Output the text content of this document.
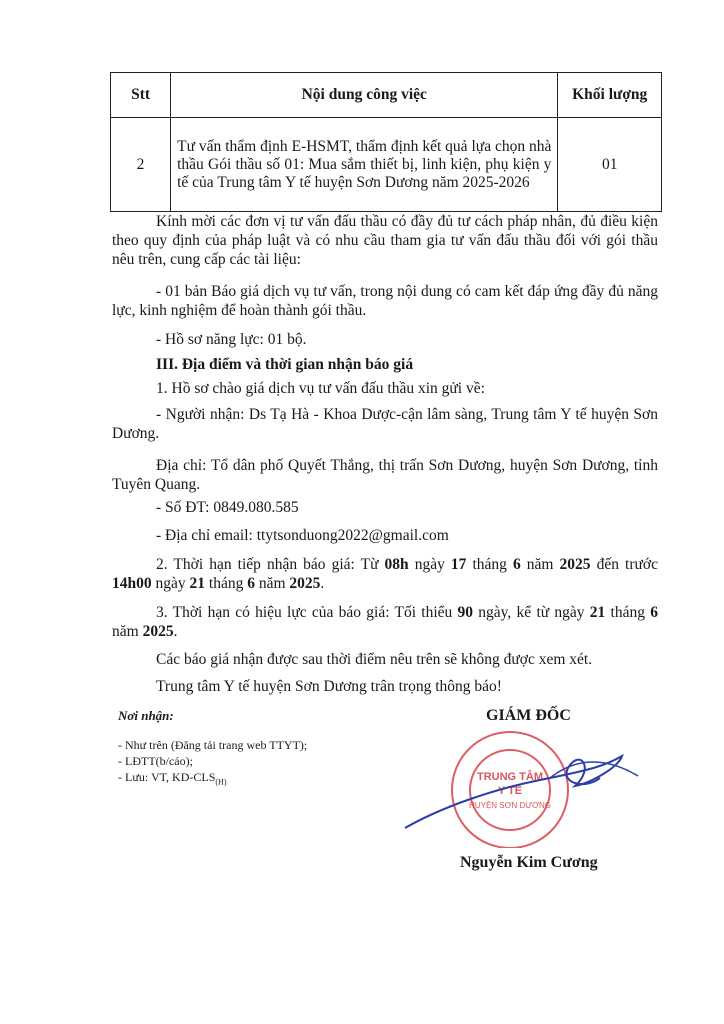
Stt	Nội dung công việc	Khối lượng
2	Tư vấn thẩm định E-HSMT, thẩm định kết quả lựa chọn nhà thầu Gói thầu số 01: Mua sắm thiết bị, linh kiện, phụ kiện y tế của Trung tâm Y tế huyện Sơn Dương năm 2025-2026	01
Kính mời các đơn vị tư vấn đấu thầu có đầy đủ tư cách pháp nhân, đủ điều kiện theo quy định của pháp luật và có nhu cầu tham gia tư vấn đấu thầu đối với gói thầu nêu trên, cung cấp các tài liệu:
- 01 bản Báo giá dịch vụ tư vấn, trong nội dung có cam kết đáp ứng đầy đủ năng lực, kinh nghiệm để hoàn thành gói thầu.
- Hồ sơ năng lực: 01 bộ.
III. Địa điểm và thời gian nhận báo giá
1. Hồ sơ chào giá dịch vụ tư vấn đấu thầu xin gửi về:
- Người nhận: Ds Tạ Hà - Khoa Dược-cận lâm sàng, Trung tâm Y tế huyện Sơn Dương.
Địa chỉ: Tổ dân phố Quyết Thắng, thị trấn Sơn Dương, huyện Sơn Dương, tỉnh Tuyên Quang.
- Số ĐT: 0849.080.585
- Địa chỉ email: ttytsonduong2022@gmail.com
2. Thời hạn tiếp nhận báo giá: Từ 08h ngày 17 tháng 6 năm 2025 đến trước 14h00 ngày 21 tháng 6 năm 2025.
3. Thời hạn có hiệu lực của báo giá: Tối thiểu 90 ngày, kể từ ngày 21 tháng 6 năm 2025.
Các báo giá nhận được sau thời điểm nêu trên sẽ không được xem xét.
Trung tâm Y tế huyện Sơn Dương trân trọng thông báo!
Nơi nhận:
- Như trên (Đăng tải trang web TTYT);
- LĐTT(b/cáo);
- Lưu: VT, $KD-CLS_{(H)}$
GIÁM ĐỐC
TRUNG TÂM
Y TẾ
HUYỆN SƠN DƯƠNG
Nguyễn Kim Cương
